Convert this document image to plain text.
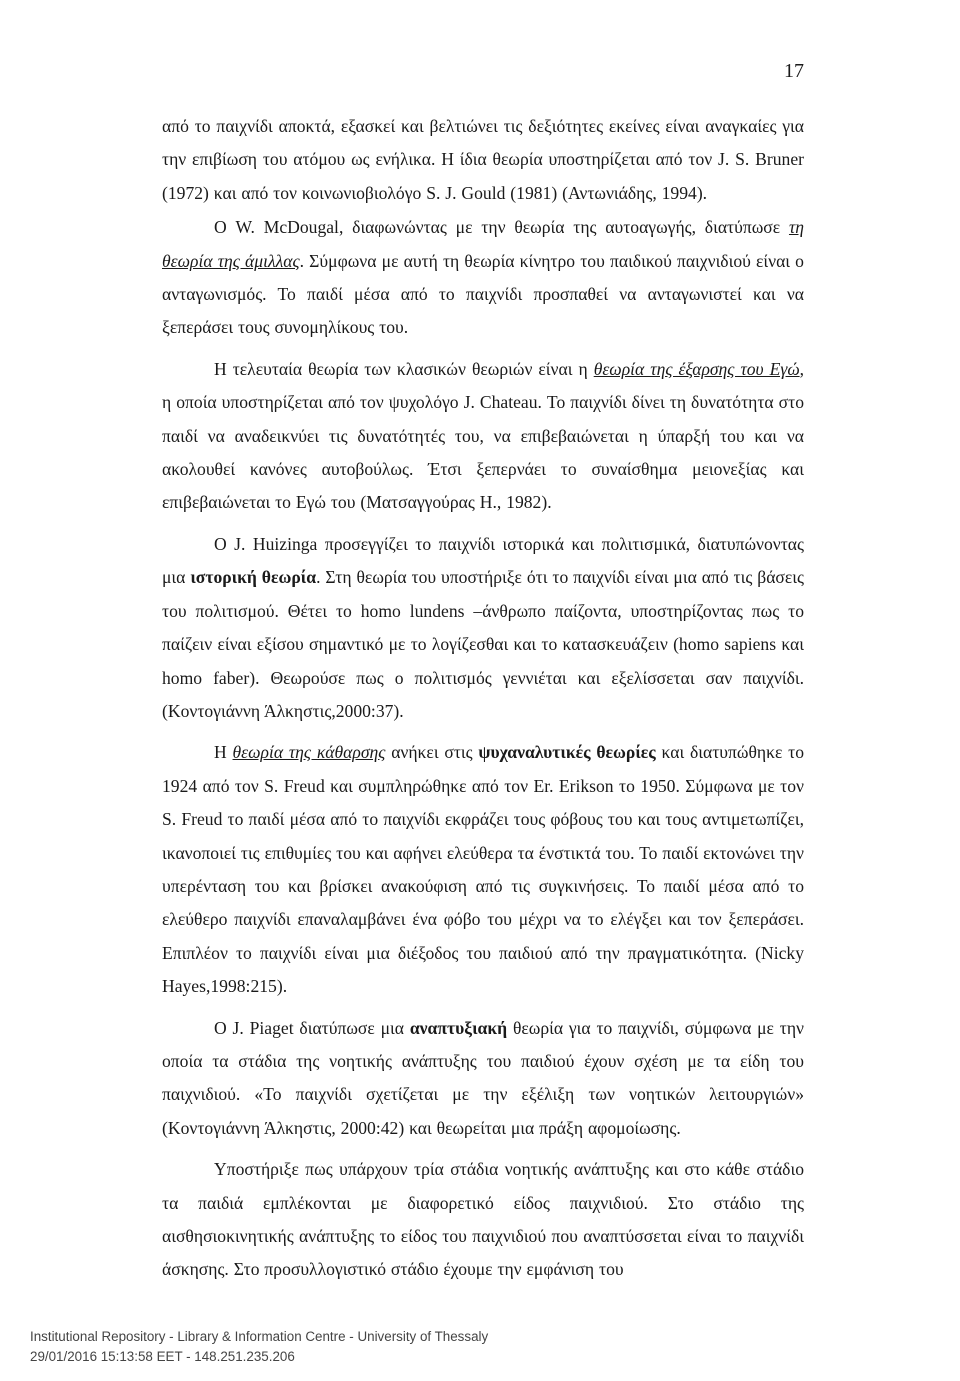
17

από το παιχνίδι αποκτά, εξασκεί και βελτιώνει τις δεξιότητες εκείνες είναι αναγκαίες για την επιβίωση του ατόμου ως ενήλικα. Η ίδια θεωρία υποστηρίζεται από τον J. S. Bruner (1972) και από τον κοινωνιοβιολόγο S. J. Gould (1981) (Αντωνιάδης, 1994).

Ο W. McDougal, διαφωνώντας με την θεωρία της αυτοαγωγής, διατύπωσε τη θεωρία της άμιλλας. Σύμφωνα με αυτή τη θεωρία κίνητρο του παιδικού παιχνιδιού είναι ο ανταγωνισμός. Το παιδί μέσα από το παιχνίδι προσπαθεί να ανταγωνιστεί και να ξεπεράσει τους συνομηλίκους του.

Η τελευταία θεωρία των κλασικών θεωριών είναι η θεωρία της έξαρσης του Εγώ, η οποία υποστηρίζεται από τον ψυχολόγο J. Chateau. Το παιχνίδι δίνει τη δυνατότητα στο παιδί να αναδεικνύει τις δυνατότητές του, να επιβεβαιώνεται η ύπαρξή του και να ακολουθεί κανόνες αυτοβούλως. Έτσι ξεπερνάει το συναίσθημα μειονεξίας και επιβεβαιώνεται το Εγώ του (Ματσαγγούρας Η., 1982).

Ο J. Huizinga προσεγγίζει το παιχνίδι ιστορικά και πολιτισμικά, διατυπώνοντας μια ιστορική θεωρία. Στη θεωρία του υποστήριξε ότι το παιχνίδι είναι μια από τις βάσεις του πολιτισμού. Θέτει το homo lundens –άνθρωπο παίζοντα, υποστηρίζοντας πως το παίζειν είναι εξίσου σημαντικό με το λογίζεσθαι και το κατασκευάζειν (homo sapiens και homo faber). Θεωρούσε πως ο πολιτισμός γεννιέται και εξελίσσεται σαν παιχνίδι. (Κοντογιάννη Άλκηστις,2000:37).

Η θεωρία της κάθαρσης ανήκει στις ψυχαναλυτικές θεωρίες και διατυπώθηκε το 1924 από τον S. Freud και συμπληρώθηκε από τον Er. Erikson το 1950. Σύμφωνα με τον S. Freud το παιδί μέσα από το παιχνίδι εκφράζει τους φόβους του και τους αντιμετωπίζει, ικανοποιεί τις επιθυμίες του και αφήνει ελεύθερα τα ένστικτά του. Το παιδί εκτονώνει την υπερένταση του και βρίσκει ανακούφιση από τις συγκινήσεις. Το παιδί μέσα από το ελεύθερο παιχνίδι επαναλαμβάνει ένα φόβο του μέχρι να το ελέγξει και τον ξεπεράσει. Επιπλέον το παιχνίδι είναι μια διέξοδος του παιδιού από την πραγματικότητα. (Nicky Hayes,1998:215).

Ο J. Piaget διατύπωσε μια αναπτυξιακή θεωρία για το παιχνίδι, σύμφωνα με την οποία τα στάδια της νοητικής ανάπτυξης του παιδιού έχουν σχέση με τα είδη του παιχνιδιού. «Το παιχνίδι σχετίζεται με την εξέλιξη των νοητικών λειτουργιών» (Κοντογιάννη Άλκηστις, 2000:42) και θεωρείται μια πράξη αφομοίωσης.

Υποστήριξε πως υπάρχουν τρία στάδια νοητικής ανάπτυξης και στο κάθε στάδιο τα παιδιά εμπλέκονται με διαφορετικό είδος παιχνιδιού. Στο στάδιο της αισθησιοκινητικής ανάπτυξης το είδος του παιχνιδιού που αναπτύσσεται είναι το παιχνίδι άσκησης. Στο προσυλλογιστικό στάδιο έχουμε την εμφάνιση του

Institutional Repository - Library & Information Centre - University of Thessaly
29/01/2016 15:13:58 EET - 148.251.235.206
